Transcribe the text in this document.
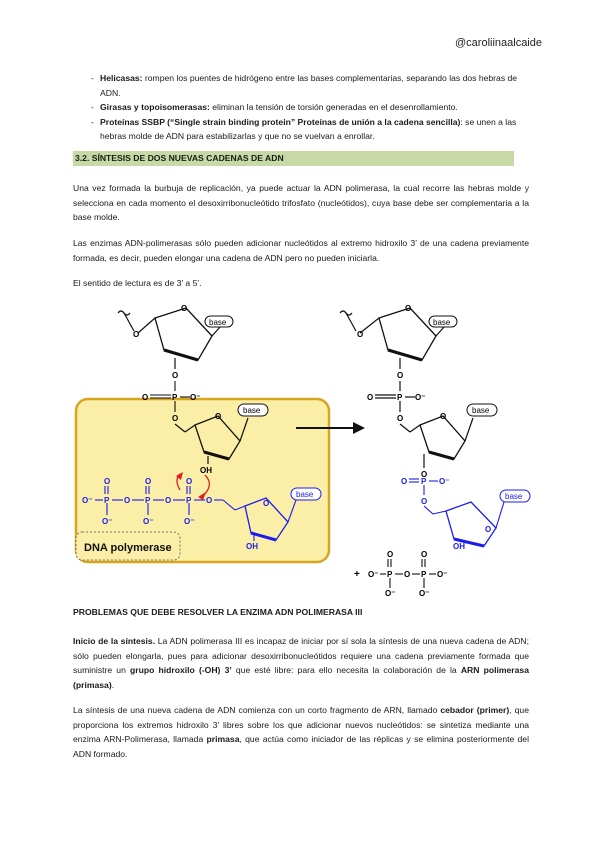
@caroliinaalcaide
- Helicasas: rompen los puentes de hidrógeno entre las bases complementarias, separando las dos hebras de ADN.
- Girasas y topoisomerasas: eliminan la tensión de torsión generadas en el desenrollamiento.
- Proteínas SSBP (“Single strain binding protein” Proteínas de unión a la cadena sencilla): se unen a las hebras molde de ADN para estabilizarlas y que no se vuelvan a enrollar.
3.2. SÍNTESIS DE DOS NUEVAS CADENAS DE ADN

Una vez formada la burbuja de replicación, ya puede actuar la ADN polimerasa, la cual recorre las hebras molde y selecciona en cada momento el desoxirribonucleótido trifosfato (nucleótidos), cuya base debe ser complementaria a la base molde.

Las enzimas ADN-polimerasas sólo pueden adicionar nucleótidos al extremo hidroxilo 3’ de una cadena previamente formada, es decir, pueden elongar una cadena de ADN pero no pueden iniciarla.

El sentido de lectura es de 3’ a 5’.

DNA polymerase
O
O
base
O
O	P O⁻
O	O
base
OH
O⁻ P O P O P O
O	O	O
O⁻	O⁻	O⁻
OH
O
base
O
O
base
O
O	P O⁻
O	O
base
O
O P O⁻
O
O
OH
base
+ O⁻ P O P O⁻
O	O
O⁻	O⁻
PROBLEMAS QUE DEBE RESOLVER LA ENZIMA ADN POLIMERASA III

Inicio de la síntesis. La ADN polimerasa III es incapaz de iniciar por sí sola la síntesis de una nueva cadena de ADN; sólo pueden elongarla, pues para adicionar desoxirribonucleótidos requiere una cadena previamente formada que suministre un grupo hidroxilo (-OH) 3’ que esté libre: para ello necesita la colaboración de la ARN polimerasa (primasa).

La síntesis de una nueva cadena de ADN comienza con un corto fragmento de ARN, llamado cebador (primer), que proporciona los extremos hidroxilo 3’ libres sobre los que adicionar nuevos nucleótidos: se sintetiza mediante una enzima ARN-Polimerasa, llamada primasa, que actúa como iniciador de las réplicas y se elimina posteriormente del ADN formado.
